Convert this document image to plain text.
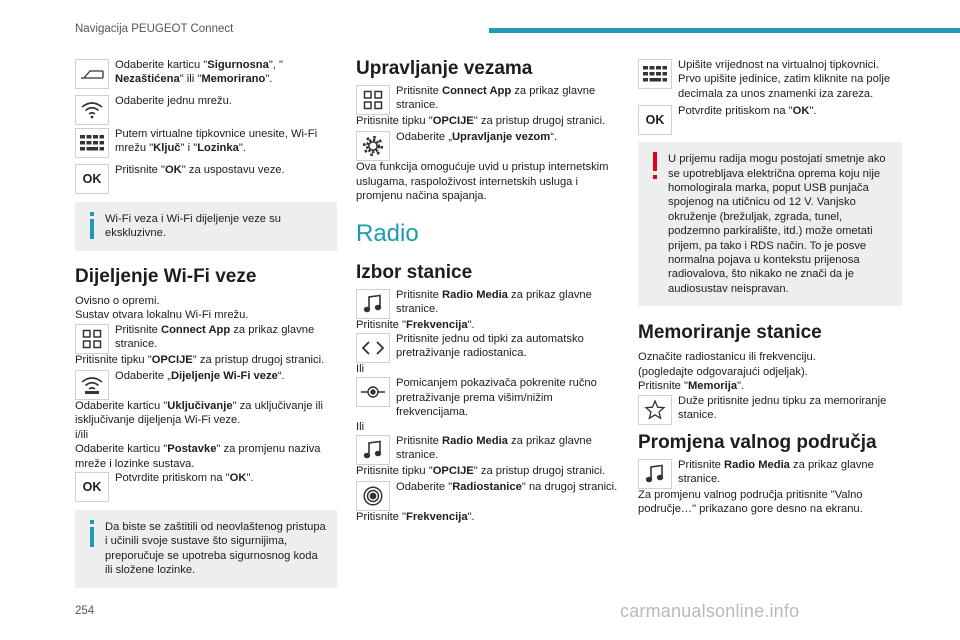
Navigacija PEUGEOT Connect
Odaberite karticu "Sigurnosna", "
Nezaštićena" ili "Memorirano".
Odaberite jednu mrežu.
Putem virtualne tipkovnice unesite, Wi-Fi mrežu "Ključ" i "Lozinka".
OK
Pritisnite "OK" za uspostavu veze.
Wi-Fi veza i Wi-Fi dijeljenje veze su ekskluzivne.
Dijeljenje Wi-Fi veze
Ovisno o opremi.
Sustav otvara lokalnu Wi-Fi mrežu.
Pritisnite Connect App za prikaz glavne stranice.
Pritisnite tipku "OPCIJE" za pristup drugoj stranici.
Odaberite „Dijeljenje Wi-Fi veze“.
Odaberite karticu "Uključivanje" za uključivanje ili isključivanje dijeljenja Wi-Fi veze.
i/ili
Odaberite karticu "Postavke" za promjenu naziva mreže i lozinke sustava.
OK
Potvrdite pritiskom na "OK".
Da biste se zaštitili od neovlaštenog pristupa i učinili svoje sustave što sigurnijima, preporučuje se upotreba sigurnosnog koda ili složene lozinke.
Upravljanje vezama
Pritisnite Connect App za prikaz glavne stranice.
Pritisnite tipku "OPCIJE" za pristup drugoj stranici.
Odaberite „Upravljanje vezom“.
Ova funkcija omogućuje uvid u pristup internetskim uslugama, raspoloživost internetskih usluga i promjenu načina spajanja.
Radio
Izbor stanice
Pritisnite Radio Media za prikaz glavne stranice.
Pritisnite "Frekvencija".
Pritisnite jednu od tipki za automatsko pretraživanje radiostanica.
Ili
Pomicanjem pokazivača pokrenite ručno pretraživanje prema višim/nižim frekvencijama.
Ili
Pritisnite Radio Media za prikaz glavne stranice.
Pritisnite tipku "OPCIJE" za pristup drugoj stranici.
Odaberite "Radiostanice" na drugoj stranici.
Pritisnite "Frekvencija".
Upišite vrijednost na virtualnoj tipkovnici. Prvo upišite jedinice, zatim kliknite na polje decimala za unos znamenki iza zareza.
OK
Potvrdite pritiskom na "OK".
U prijemu radija mogu postojati smetnje ako se upotrebljava električna oprema koju nije homologirala marka, poput USB punjača spojenog na utičnicu od 12 V. Vanjsko okruženje (brežuljak, zgrada, tunel, podzemno parkiralište, itd.) može ometati prijem, pa tako i RDS način. To je posve normalna pojava u kontekstu prijenosa radiovalova, što nikako ne znači da je audiosustav neispravan.
Memoriranje stanice
Označite radiostanicu ili frekvenciju.
(pogledajte odgovarajući odjeljak).
Pritisnite "Memorija".
Duže pritisnite jednu tipku za memoriranje stanice.
Promjena valnog područja
Pritisnite Radio Media za prikaz glavne stranice.
Za promjenu valnog područja pritisnite "Valno područje…" prikazano gore desno na ekranu.
254	carmanualsonline.info
